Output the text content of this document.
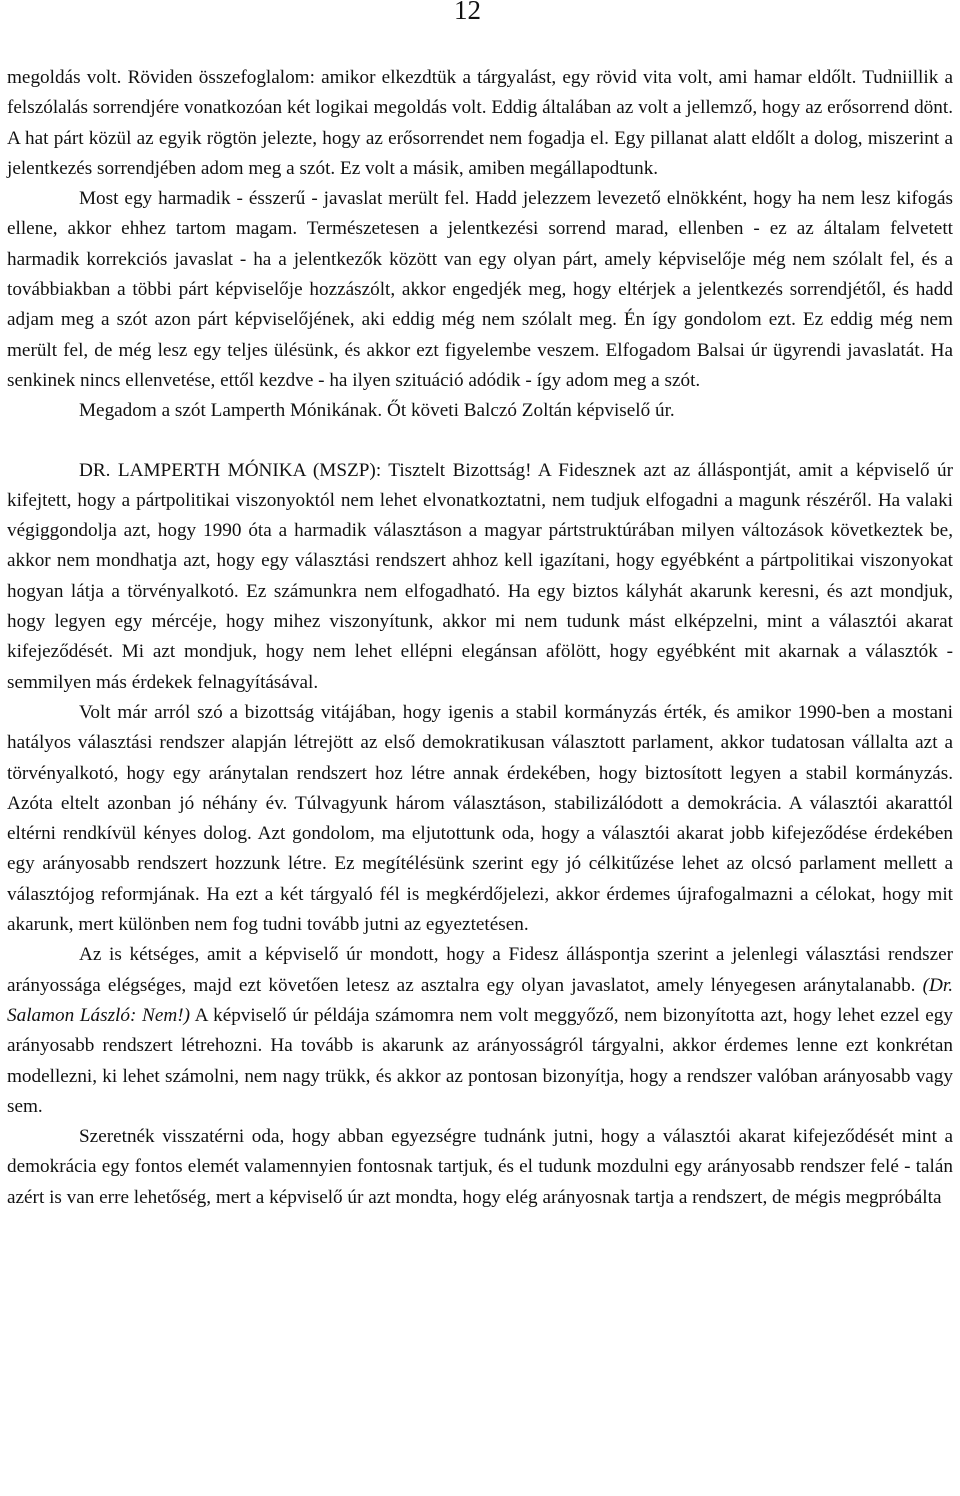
12

megoldás volt. Röviden összefoglalom: amikor elkezdtük a tárgyalást, egy rövid vita volt, ami hamar eldőlt. Tudniillik a felszólalás sorrendjére vonatkozóan két logikai megoldás volt. Eddig általában az volt a jellemző, hogy az erősorrend dönt. A hat párt közül az egyik rögtön jelezte, hogy az erősorrendet nem fogadja el. Egy pillanat alatt eldőlt a dolog, miszerint a jelentkezés sorrendjében adom meg a szót. Ez volt a másik, amiben megállapodtunk.

Most egy harmadik - ésszerű - javaslat merült fel. Hadd jelezzem levezető elnökként, hogy ha nem lesz kifogás ellene, akkor ehhez tartom magam. Természetesen a jelentkezési sorrend marad, ellenben - ez az általam felvetett harmadik korrekciós javaslat - ha a jelentkezők között van egy olyan párt, amely képviselője még nem szólalt fel, és a továbbiakban a többi párt képviselője hozzászólt, akkor engedjék meg, hogy eltérjek a jelentkezés sorrendjétől, és hadd adjam meg a szót azon párt képviselőjének, aki eddig még nem szólalt meg. Én így gondolom ezt. Ez eddig még nem merült fel, de még lesz egy teljes ülésünk, és akkor ezt figyelembe veszem. Elfogadom Balsai úr ügyrendi javaslatát. Ha senkinek nincs ellenvetése, ettől kezdve - ha ilyen szituáció adódik - így adom meg a szót.

Megadom a szót Lamperth Mónikának. Őt követi Balczó Zoltán képviselő úr.

DR. LAMPERTH MÓNIKA (MSZP): Tisztelt Bizottság! A Fidesznek azt az álláspontját, amit a képviselő úr kifejtett, hogy a pártpolitikai viszonyoktól nem lehet elvonatkoztatni, nem tudjuk elfogadni a magunk részéről. Ha valaki végiggondolja azt, hogy 1990 óta a harmadik választáson a magyar pártstruktúrában milyen változások következtek be, akkor nem mondhatja azt, hogy egy választási rendszert ahhoz kell igazítani, hogy egyébként a pártpolitikai viszonyokat hogyan látja a törvényalkotó. Ez számunkra nem elfogadható. Ha egy biztos kályhát akarunk keresni, és azt mondjuk, hogy legyen egy mércéje, hogy mihez viszonyítunk, akkor mi nem tudunk mást elképzelni, mint a választói akarat kifejeződését. Mi azt mondjuk, hogy nem lehet ellépni elegánsan afölött, hogy egyébként mit akarnak a választók - semmilyen más érdekek felnagyításával.

Volt már arról szó a bizottság vitájában, hogy igenis a stabil kormányzás érték, és amikor 1990-ben a mostani hatályos választási rendszer alapján létrejött az első demokratikusan választott parlament, akkor tudatosan vállalta azt a törvényalkotó, hogy egy aránytalan rendszert hoz létre annak érdekében, hogy biztosított legyen a stabil kormányzás. Azóta eltelt azonban jó néhány év. Túlvagyunk három választáson, stabilizálódott a demokrácia. A választói akarattól eltérni rendkívül kényes dolog. Azt gondolom, ma eljutottunk oda, hogy a választói akarat jobb kifejeződése érdekében egy arányosabb rendszert hozzunk létre. Ez megítélésünk szerint egy jó célkitűzése lehet az olcsó parlament mellett a választójog reformjának. Ha ezt a két tárgyaló fél is megkérdőjelezi, akkor érdemes újrafogalmazni a célokat, hogy mit akarunk, mert különben nem fog tudni tovább jutni az egyeztetésen.

Az is kétséges, amit a képviselő úr mondott, hogy a Fidesz álláspontja szerint a jelenlegi választási rendszer arányossága elégséges, majd ezt követően letesz az asztalra egy olyan javaslatot, amely lényegesen aránytalanabb. (Dr. Salamon László: Nem!) A képviselő úr példája számomra nem volt meggyőző, nem bizonyította azt, hogy lehet ezzel egy arányosabb rendszert létrehozni. Ha tovább is akarunk az arányosságról tárgyalni, akkor érdemes lenne ezt konkrétan modellezni, ki lehet számolni, nem nagy trükk, és akkor az pontosan bizonyítja, hogy a rendszer valóban arányosabb vagy sem.

Szeretnék visszatérni oda, hogy abban egyezségre tudnánk jutni, hogy a választói akarat kifejeződését mint a demokrácia egy fontos elemét valamennyien fontosnak tartjuk, és el tudunk mozdulni egy arányosabb rendszer felé - talán azért is van erre lehetőség, mert a képviselő úr azt mondta, hogy elég arányosnak tartja a rendszert, de mégis megpróbálta
